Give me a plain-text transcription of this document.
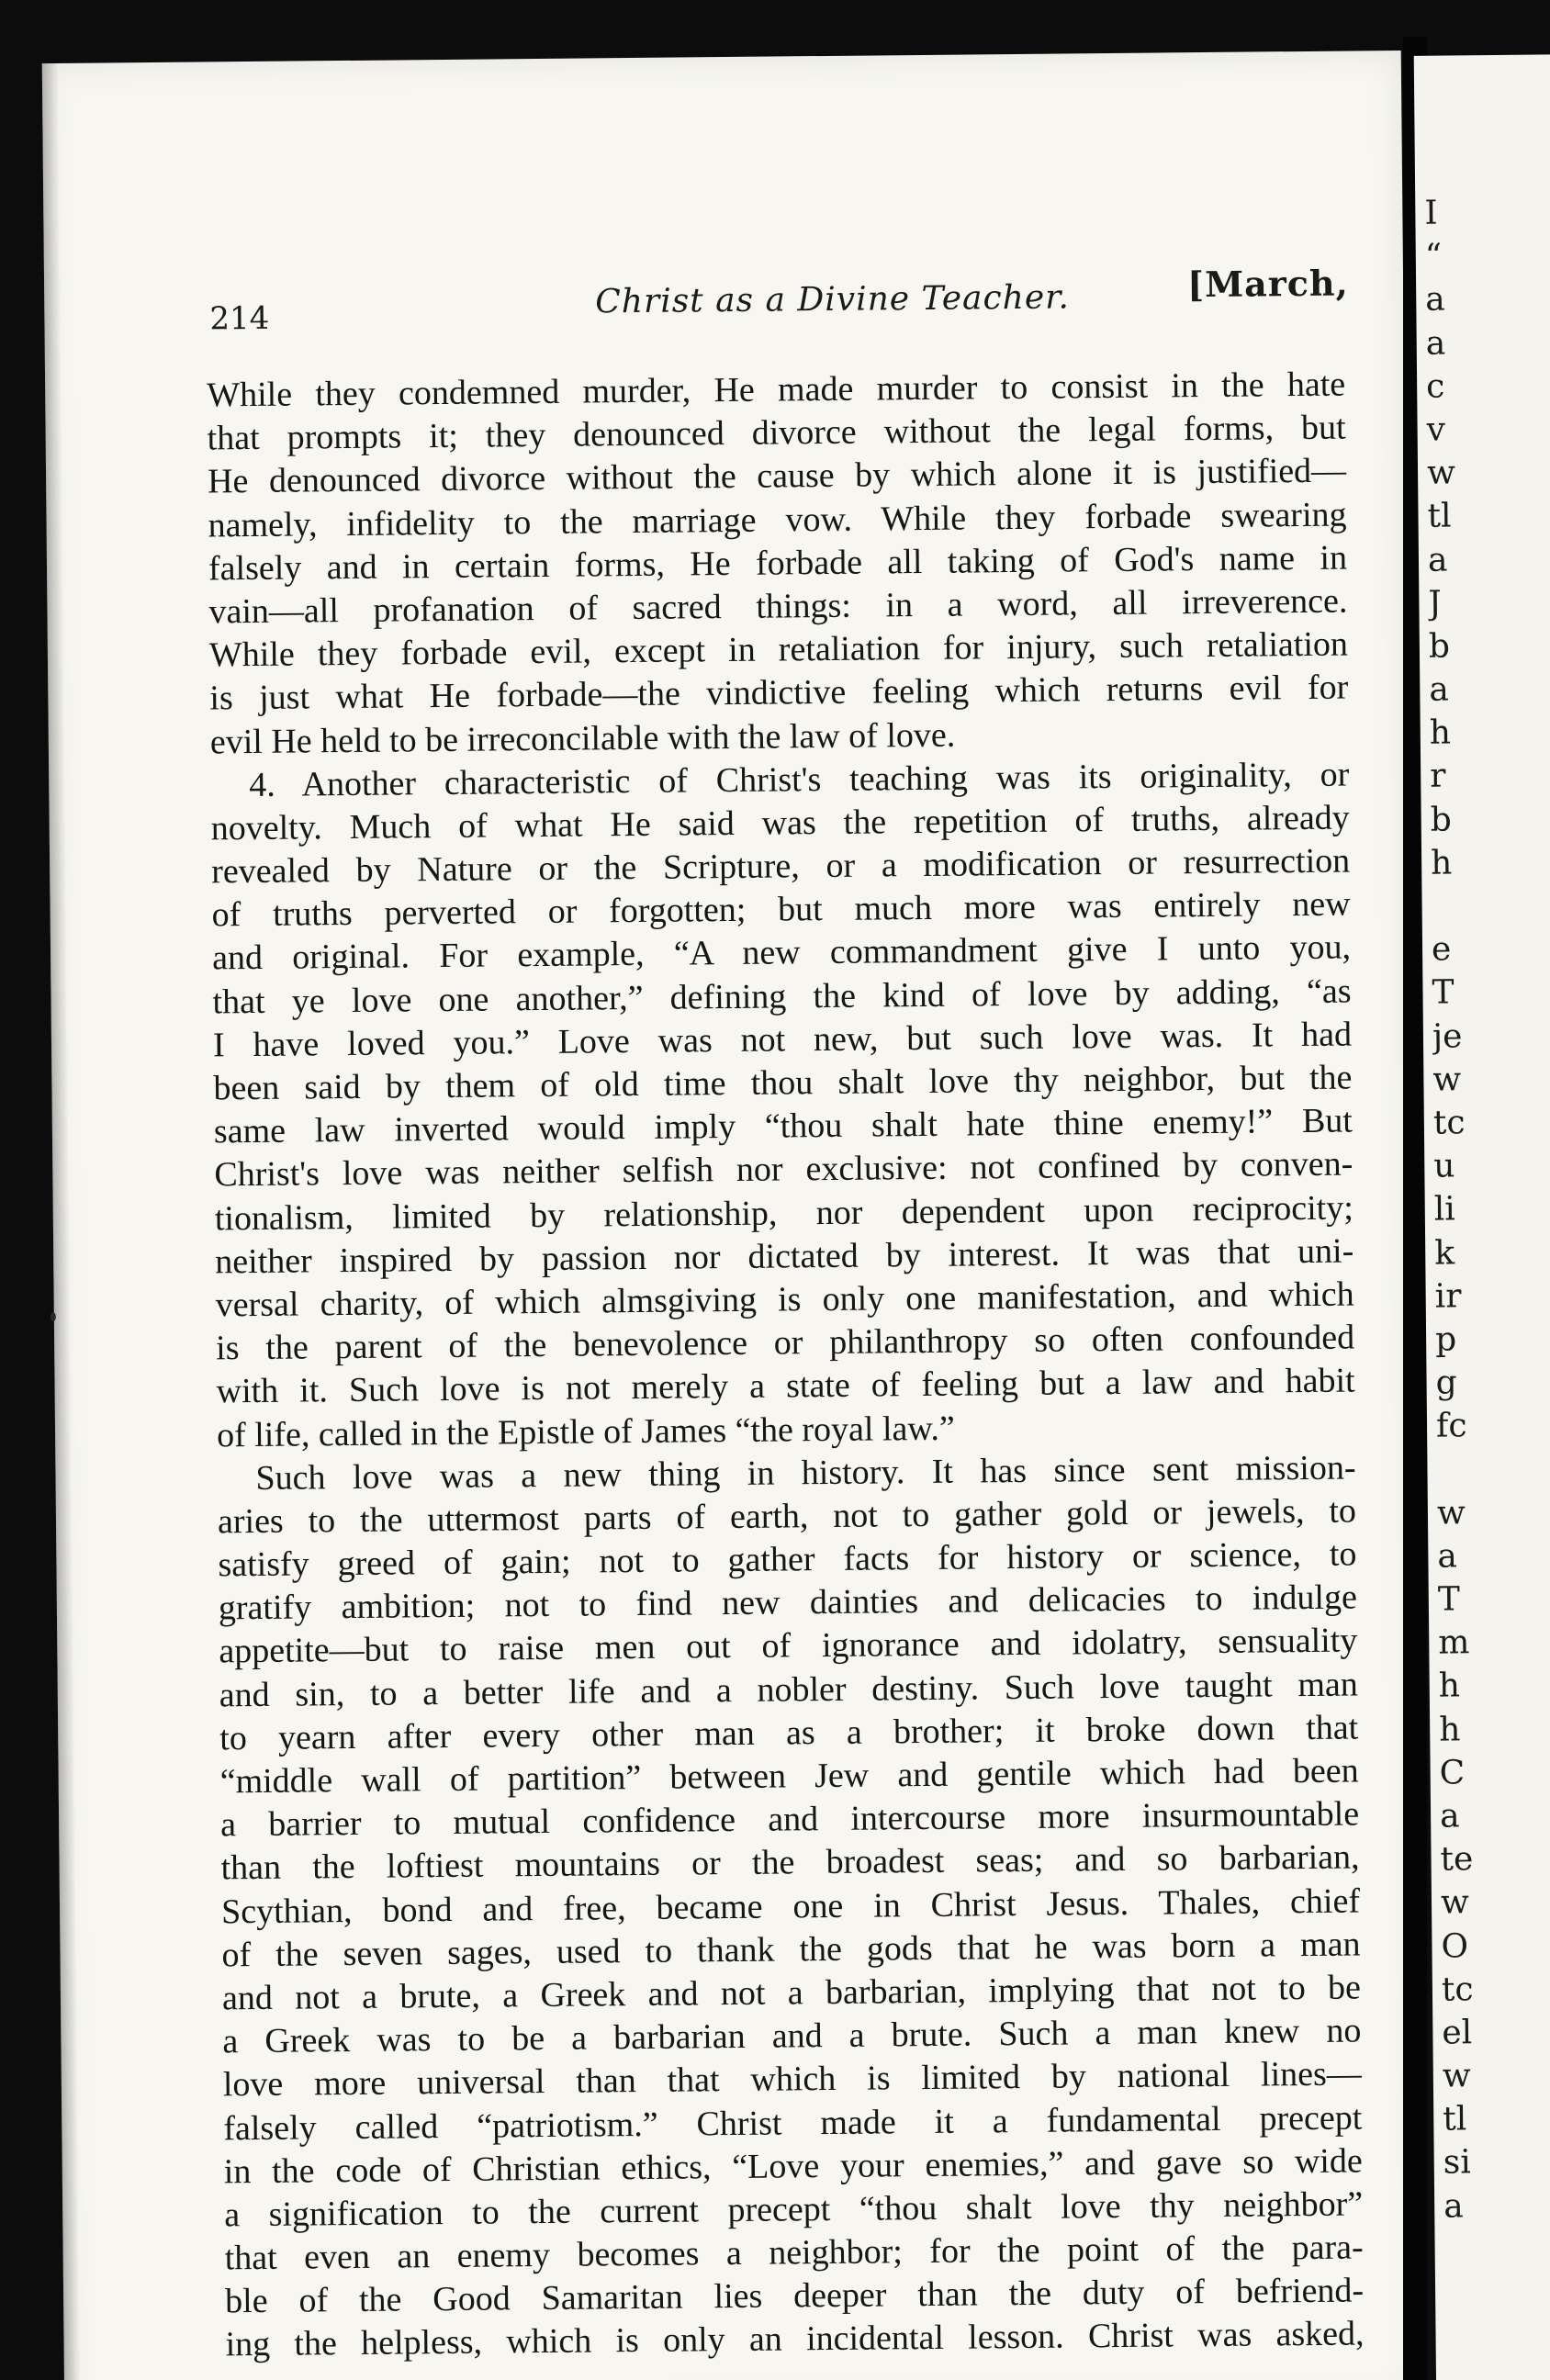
214	Christ as a Divine Teacher.	[March,
While they condemned murder, He made murder to consist in the hate
that prompts it; they denounced divorce without the legal forms, but
He denounced divorce without the cause by which alone it is justified—
namely, infidelity to the marriage vow. While they forbade swearing
falsely and in certain forms, He forbade all taking of God's name in
vain—all profanation of sacred things: in a word, all irreverence.
While they forbade evil, except in retaliation for injury, such retaliation
is just what He forbade—the vindictive feeling which returns evil for
evil He held to be irreconcilable with the law of love.
4. Another characteristic of Christ's teaching was its originality, or
novelty. Much of what He said was the repetition of truths, already
revealed by Nature or the Scripture, or a modification or resurrection
of truths perverted or forgotten; but much more was entirely new
and original. For example, “A new commandment give I unto you,
that ye love one another,” defining the kind of love by adding, “as
I have loved you.” Love was not new, but such love was. It had
been said by them of old time thou shalt love thy neighbor, but the
same law inverted would imply “thou shalt hate thine enemy!” But
Christ's love was neither selfish nor exclusive: not confined by conven-
tionalism, limited by relationship, nor dependent upon reciprocity;
neither inspired by passion nor dictated by interest. It was that uni-
versal charity, of which almsgiving is only one manifestation, and which
is the parent of the benevolence or philanthropy so often confounded
with it. Such love is not merely a state of feeling but a law and habit
of life, called in the Epistle of James “the royal law.”
Such love was a new thing in history. It has since sent mission-
aries to the uttermost parts of earth, not to gather gold or jewels, to
satisfy greed of gain; not to gather facts for history or science, to
gratify ambition; not to find new dainties and delicacies to indulge
appetite—but to raise men out of ignorance and idolatry, sensuality
and sin, to a better life and a nobler destiny. Such love taught man
to yearn after every other man as a brother; it broke down that
“middle wall of partition” between Jew and gentile which had been
a barrier to mutual confidence and intercourse more insurmountable
than the loftiest mountains or the broadest seas; and so barbarian,
Scythian, bond and free, became one in Christ Jesus. Thales, chief
of the seven sages, used to thank the gods that he was born a man
and not a brute, a Greek and not a barbarian, implying that not to be
a Greek was to be a barbarian and a brute. Such a man knew no
love more universal than that which is limited by national lines—
falsely called “patriotism.” Christ made it a fundamental precept
in the code of Christian ethics, “Love your enemies,” and gave so wide
a signification to the current precept “thou shalt love thy neighbor”
that even an enemy becomes a neighbor; for the point of the para-
ble of the Good Samaritan lies deeper than the duty of befriend-
ing the helpless, which is only an incidental lesson. Christ was asked,
I
“
a
a
c
v
w
tl
a
J
b
a
h
r
b
h
e
T
je
w
tc
u
li
k
ir
p
g
fc
w
a
T
m
h
h
C
a
te
w
O
tc
el
w
tl
si
a
